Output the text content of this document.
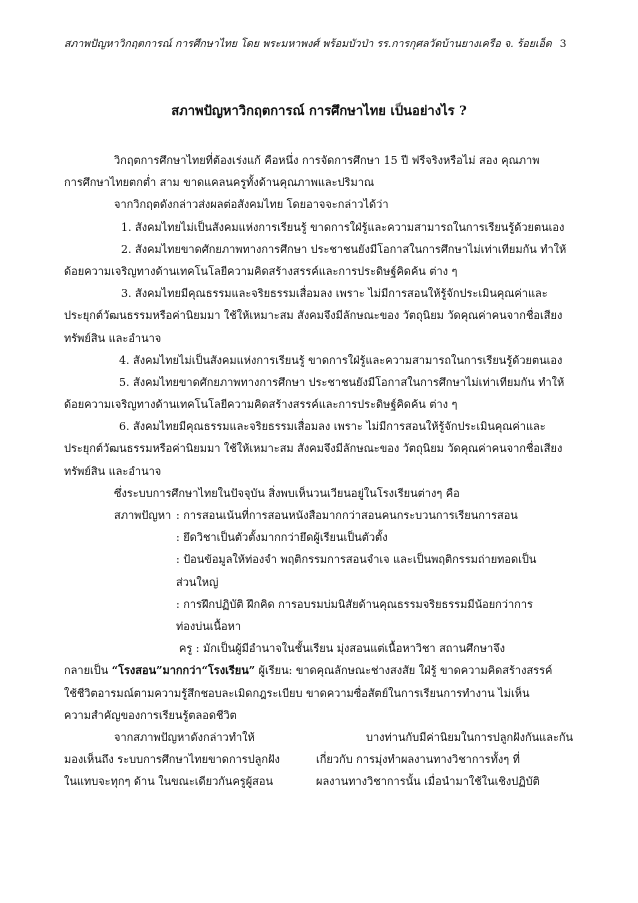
สภาพปัญหาวิกฤตการณ์ การศึกษาไทย โดย พระมหาพงศ์ พร้อมบัวป่า รร.การกุศลวัดบ้านยางเครือ จ. ร้อยเอ็ด 3
สภาพปัญหาวิกฤตการณ์ การศึกษาไทย เป็นอย่างไร ?
วิกฤตการศึกษาไทยที่ต้องเร่งแก้ คือหนึ่ง การจัดการศึกษา 15 ปี ฟรีจริงหรือไม่ สอง คุณภาพ
การศึกษาไทยตกต่ำ สาม ขาดแคลนครูทั้งด้านคุณภาพและปริมาณ
จากวิกฤตดังกล่าวส่งผลต่อสังคมไทย โดยอาจจะกล่าวได้ว่า
1. สังคมไทยไม่เป็นสังคมแห่งการเรียนรู้ ขาดการใฝ่รู้และความสามารถในการเรียนรู้ด้วยตนเอง
2. สังคมไทยขาดศักยภาพทางการศึกษา ประชาชนยังมีโอกาสในการศึกษาไม่เท่าเทียมกัน ทำให้
ด้อยความเจริญทางด้านเทคโนโลยีความคิดสร้างสรรค์และการประดิษฐ์คิดค้น ต่าง ๆ
3. สังคมไทยมีคุณธรรมและจริยธรรมเสื่อมลง เพราะ ไม่มีการสอนให้รู้จักประเมินคุณค่าและ
ประยุกต์วัฒนธรรมหรือค่านิยมมา ใช้ให้เหมาะสม สังคมจึงมีลักษณะของ วัตถุนิยม วัดคุณค่าคนจากชื่อเสียง
ทรัพย์สิน และอำนาจ
4. สังคมไทยไม่เป็นสังคมแห่งการเรียนรู้ ขาดการใฝ่รู้และความสามารถในการเรียนรู้ด้วยตนเอง
5. สังคมไทยขาดศักยภาพทางการศึกษา ประชาชนยังมีโอกาสในการศึกษาไม่เท่าเทียมกัน ทำให้
ด้อยความเจริญทางด้านเทคโนโลยีความคิดสร้างสรรค์และการประดิษฐ์คิดค้น ต่าง ๆ
6. สังคมไทยมีคุณธรรมและจริยธรรมเสื่อมลง เพราะ ไม่มีการสอนให้รู้จักประเมินคุณค่าและ
ประยุกต์วัฒนธรรมหรือค่านิยมมา ใช้ให้เหมาะสม สังคมจึงมีลักษณะของ วัตถุนิยม วัดคุณค่าคนจากชื่อเสียง
ทรัพย์สิน และอำนาจ
ซึ่งระบบการศึกษาไทยในปัจจุบัน สิ่งพบเห็นวนเวียนอยู่ในโรงเรียนต่างๆ คือ
สภาพปัญหา : การสอนเน้นที่การสอนหนังสือมากกว่าสอนคนกระบวนการเรียนการสอน
: ยึดวิชาเป็นตัวตั้งมากกว่ายึดผู้เรียนเป็นตัวตั้ง
: ป้อนข้อมูลให้ท่องจำ พฤติกรรมการสอนจำเจ และเป็นพฤติกรรมถ่ายทอดเป็น
ส่วนใหญ่
: การฝึกปฏิบัติ ฝึกคิด การอบรมบ่มนิสัยด้านคุณธรรมจริยธรรมมีน้อยกว่าการ
ท่องบ่นเนื้อหา
ครู : มักเป็นผู้มีอำนาจในชั้นเรียน มุ่งสอนแต่เนื้อหาวิชา สถานศึกษาจึง
กลายเป็น “โรงสอน”มากกว่า“โรงเรียน” ผู้เรียน: ขาดคุณลักษณะช่างสงสัย ใฝ่รู้ ขาดความคิดสร้างสรรค์
ใช้ชีวิตอารมณ์ตามความรู้สึกชอบละเมิดกฎระเบียบ ขาดความซื่อสัตย์ในการเรียนการทำงาน ไม่เห็น
ความสำคัญของการเรียนรู้ตลอดชีวิต
จากสภาพปัญหาดังกล่าวทำให้	บางท่านกับมีค่านิยมในการปลูกฝังกันและกัน
มองเห็นถึง ระบบการศึกษาไทยขาดการปลูกฝัง	เกี่ยวกับ การมุ่งทำผลงานทางวิชาการทั้งๆ ที่
ในแทบจะทุกๆ ด้าน ในขณะเดียวกันครูผู้สอน	ผลงานทางวิชาการนั้น เมื่อนำมาใช้ในเชิงปฏิบัติ
